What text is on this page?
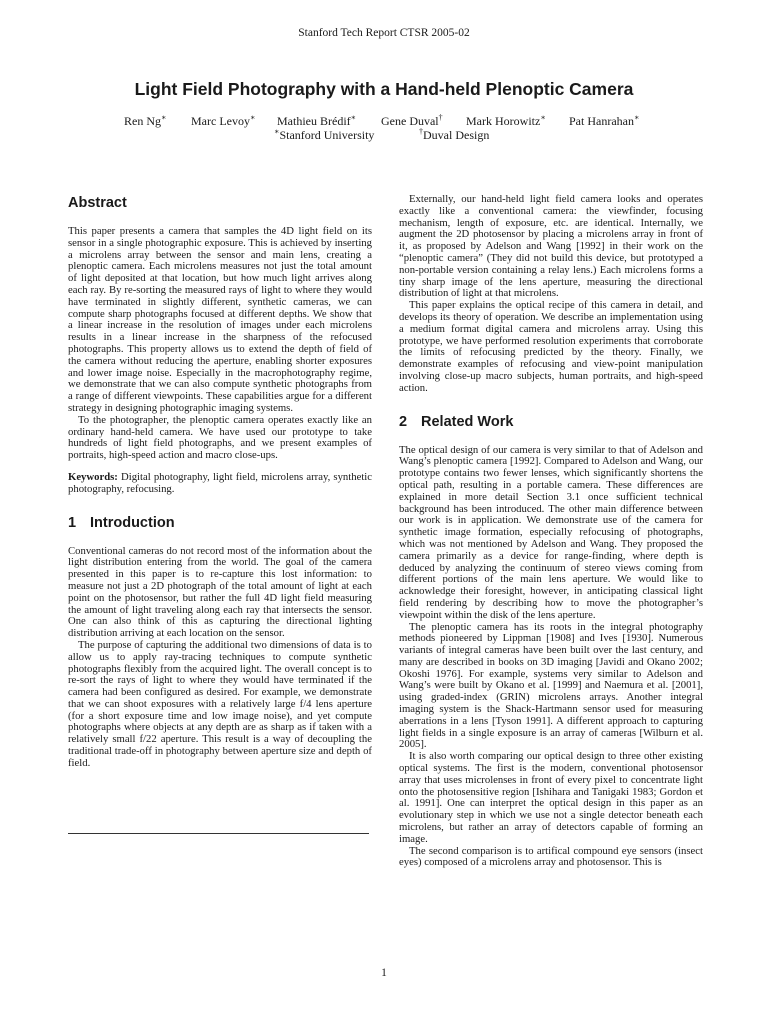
Stanford Tech Report CTSR 2005-02
Light Field Photography with a Hand-held Plenoptic Camera
Ren Ng∗ Marc Levoy∗ Mathieu Brédif∗ Gene Duval† Mark Horowitz∗ Pat Hanrahan∗
∗Stanford University	†Duval Design
Abstract

This paper presents a camera that samples the 4D light field on its sensor in a single photographic exposure. This is achieved by inserting a microlens array between the sensor and main lens, creating a plenoptic camera. Each microlens measures not just the total amount of light deposited at that location, but how much light arrives along each ray. By re-sorting the measured rays of light to where they would have terminated in slightly different, synthetic cameras, we can compute sharp photographs focused at different depths. We show that a linear increase in the resolution of images under each microlens results in a linear increase in the sharpness of the refocused photographs. This property allows us to extend the depth of field of the camera without reducing the aperture, enabling shorter exposures and lower image noise. Especially in the macrophotography regime, we demonstrate that we can also compute synthetic photographs from a range of different viewpoints. These capabilities argue for a different strategy in designing photographic imaging systems.

To the photographer, the plenoptic camera operates exactly like an ordinary hand-held camera. We have used our prototype to take hundreds of light field photographs, and we present examples of portraits, high-speed action and macro close-ups.

Keywords: Digital photography, light field, microlens array, synthetic photography, refocusing.

1 Introduction

Conventional cameras do not record most of the information about the light distribution entering from the world. The goal of the camera presented in this paper is to re-capture this lost information: to measure not just a 2D photograph of the total amount of light at each point on the photosensor, but rather the full 4D light field measuring the amount of light traveling along each ray that intersects the sensor. One can also think of this as capturing the directional lighting distribution arriving at each location on the sensor.

The purpose of capturing the additional two dimensions of data is to allow us to apply ray-tracing techniques to compute synthetic photographs flexibly from the acquired light. The overall concept is to re-sort the rays of light to where they would have terminated if the camera had been configured as desired. For example, we demonstrate that we can shoot exposures with a relatively large f/4 lens aperture (for a short exposure time and low image noise), and yet compute photographs where objects at any depth are as sharp as if taken with a relatively small f/22 aperture. This result is a way of decoupling the traditional trade-off in photography between aperture size and depth of field.

Externally, our hand-held light field camera looks and operates exactly like a conventional camera: the viewfinder, focusing mechanism, length of exposure, etc. are identical. Internally, we augment the 2D photosensor by placing a microlens array in front of it, as proposed by Adelson and Wang [1992] in their work on the “plenoptic camera” (They did not build this device, but prototyped a non-portable version containing a relay lens.) Each microlens forms a tiny sharp image of the lens aperture, measuring the directional distribution of light at that microlens.

This paper explains the optical recipe of this camera in detail, and develops its theory of operation. We describe an implementation using a medium format digital camera and microlens array. Using this prototype, we have performed resolution experiments that corroborate the limits of refocusing predicted by the theory. Finally, we demonstrate examples of refocusing and view-point manipulation involving close-up macro subjects, human portraits, and high-speed action.

2 Related Work

The optical design of our camera is very similar to that of Adelson and Wang’s plenoptic camera [1992]. Compared to Adelson and Wang, our prototype contains two fewer lenses, which significantly shortens the optical path, resulting in a portable camera. These differences are explained in more detail Section 3.1 once sufficient technical background has been introduced. The other main difference between our work is in application. We demonstrate use of the camera for synthetic image formation, especially refocusing of photographs, which was not mentioned by Adelson and Wang. They proposed the camera primarily as a device for range-finding, where depth is deduced by analyzing the continuum of stereo views coming from different portions of the main lens aperture. We would like to acknowledge their foresight, however, in anticipating classical light field rendering by describing how to move the photographer’s viewpoint within the disk of the lens aperture.

The plenoptic camera has its roots in the integral photography methods pioneered by Lippman [1908] and Ives [1930]. Numerous variants of integral cameras have been built over the last century, and many are described in books on 3D imaging [Javidi and Okano 2002; Okoshi 1976]. For example, systems very similar to Adelson and Wang’s were built by Okano et al. [1999] and Naemura et al. [2001], using graded-index (GRIN) microlens arrays. Another integral imaging system is the Shack-Hartmann sensor used for measuring aberrations in a lens [Tyson 1991]. A different approach to capturing light fields in a single exposure is an array of cameras [Wilburn et al. 2005].

It is also worth comparing our optical design to three other existing optical systems. The first is the modern, conventional photosensor array that uses microlenses in front of every pixel to concentrate light onto the photosensitive region [Ishihara and Tanigaki 1983; Gordon et al. 1991]. One can interpret the optical design in this paper as an evolutionary step in which we use not a single detector beneath each microlens, but rather an array of detectors capable of forming an image.

The second comparison is to artifical compound eye sensors (insect eyes) composed of a microlens array and photosensor. This is

1
